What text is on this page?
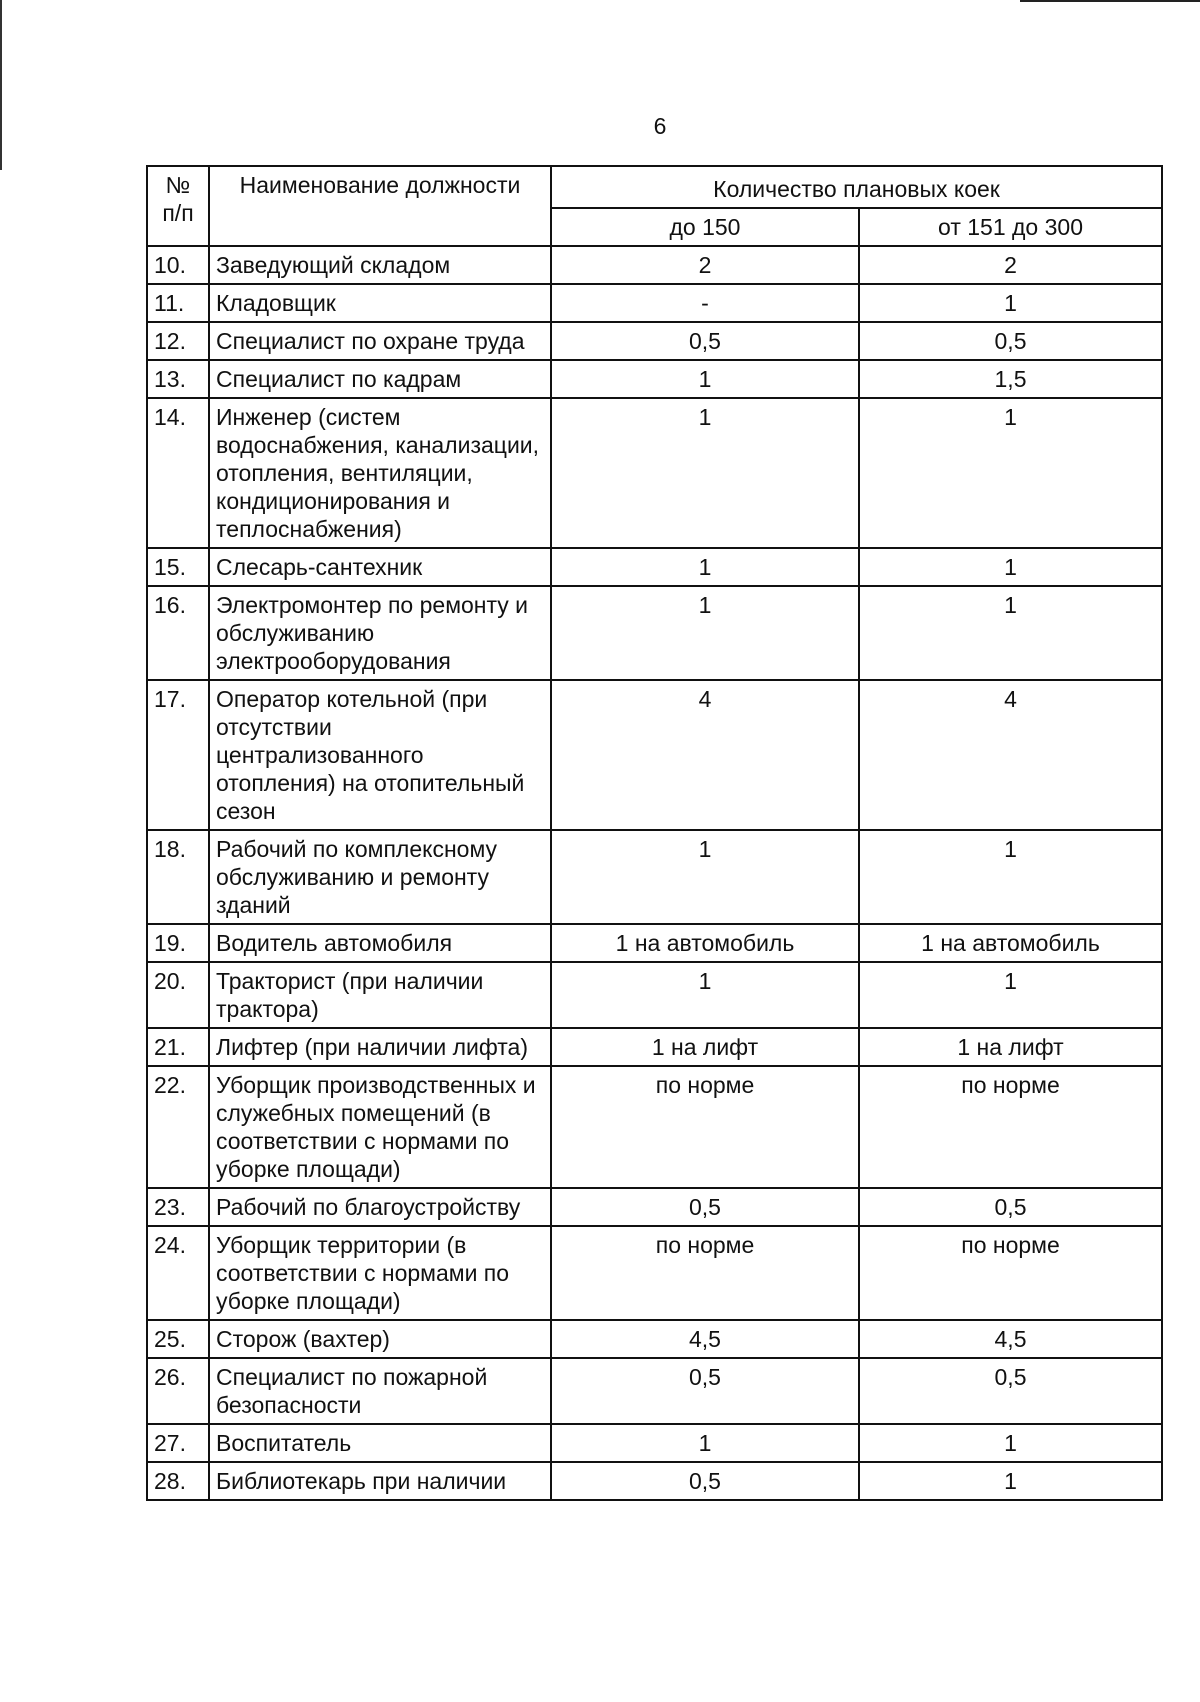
6
№ п/п	Наименование должности	Количество плановых коек	
		до 150	от 151 до 300
10.	Заведующий складом	2	2
11.	Кладовщик	-	1
12.	Специалист по охране труда	0,5	0,5
13.	Специалист по кадрам	1	1,5
14.	Инженер (систем водоснабжения, канализации, отопления, вентиляции, кондиционирования и теплоснабжения)	1	1
15.	Слесарь-сантехник	1	1
16.	Электромонтер по ремонту и обслуживанию электрооборудования	1	1
17.	Оператор котельной (при отсутствии централизованного отопления) на отопительный сезон	4	4
18.	Рабочий по комплексному обслуживанию и ремонту зданий	1	1
19.	Водитель автомобиля	1 на автомобиль	1 на автомобиль
20.	Тракторист (при наличии трактора)	1	1
21.	Лифтер (при наличии лифта)	1 на лифт	1 на лифт
22.	Уборщик производственных и служебных помещений (в соответствии с нормами по уборке площади)	по норме	по норме
23.	Рабочий по благоустройству	0,5	0,5
24.	Уборщик территории (в соответствии с нормами по уборке площади)	по норме	по норме
25.	Сторож (вахтер)	4,5	4,5
26.	Специалист по пожарной безопасности	0,5	0,5
27.	Воспитатель	1	1
28.	Библиотекарь при наличии	0,5	1
